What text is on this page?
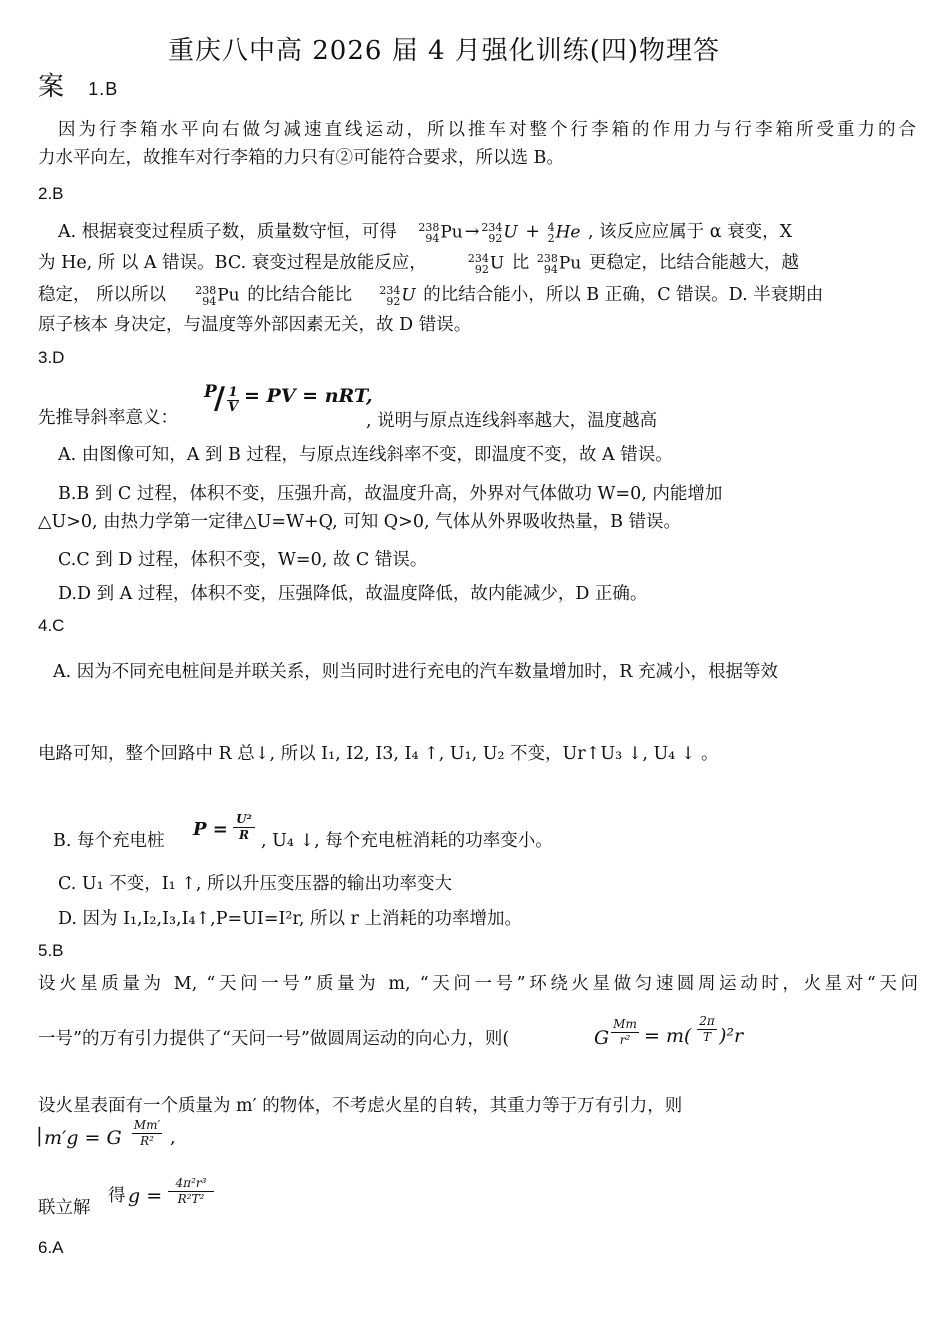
重庆八中高 2026 届 4 月强化训练(四)物理答
案 1.B
因为行李箱水平向右做匀减速直线运动，所以推车对整个行李箱的作用力与行李箱所受重力的合
力水平向左，故推车对行李箱的力只有②可能符合要求，所以选 B。
2.B
A. 根据衰变过程质子数，质量数守恒，可得 238
94 Pu → 234
92 U + 4
2 He , 该反应应属于 α 衰变，X
为 He, 所 以 A 错误。BC. 衰变过程是放能反应，	234
92 U 比 238
94 Pu 更稳定，比结合能越大，越
稳定， 所以所以	238
94 Pu 的比结合能比 234
92 U 的比结合能小，所以 B 正确，C 错误。D. 半衰期由
原子核本 身决定，与温度等外部因素无关，故 D 错误。
3.D
先推导斜率意义：
P
/ 1
V
= PV = nRT,
, 说明与原点连线斜率越大，温度越高
A. 由图像可知，A 到 B 过程，与原点连线斜率不变，即温度不变，故 A 错误。
B.B 到 C 过程，体积不变，压强升高，故温度升高，外界对气体做功 W=0, 内能增加
△U>0, 由热力学第一定律△U=W+Q, 可知 Q>0, 气体从外界吸收热量，B 错误。
C.C 到 D 过程，体积不变，W=0, 故 C 错误。
D.D 到 A 过程，体积不变，压强降低，故温度降低，故内能减少，D 正确。
4.C
A. 因为不同充电桩间是并联关系，则当同时进行充电的汽车数量增加时，R 充减小，根据等效
电路可知，整个回路中 R 总↓, 所以 I₁, I2, I3, I₄ ↑, U₁, U₂ 不变，Ur↑U₃ ↓, U₄ ↓ 。
B. 每个充电桩
P = U²
R , U₄ ↓, 每个充电桩消耗的功率变小。
C. U₁ 不变，I₁ ↑, 所以升压变压器的输出功率变大
D. 因为 I₁,I₂,I₃,I₄↑,P=UI=I²r, 所以 r 上消耗的功率增加。
5.B
设火星质量为 M, “天问一号”质量为 m, “天问一号”环绕火星做匀速圆周运动时，火星对“天问
一号”的万有引力提供了“天问一号”做圆周运动的向心力，则(	G
Mm
r² = m(
2π
T )²r
设火星表面有一个质量为 m′ 的物体，不考虑火星的自转，其重力等于万有引力，则
| m′g = G
Mm′
R² ,
联立解
得 g =
4π²r³
R²T²
6.A
